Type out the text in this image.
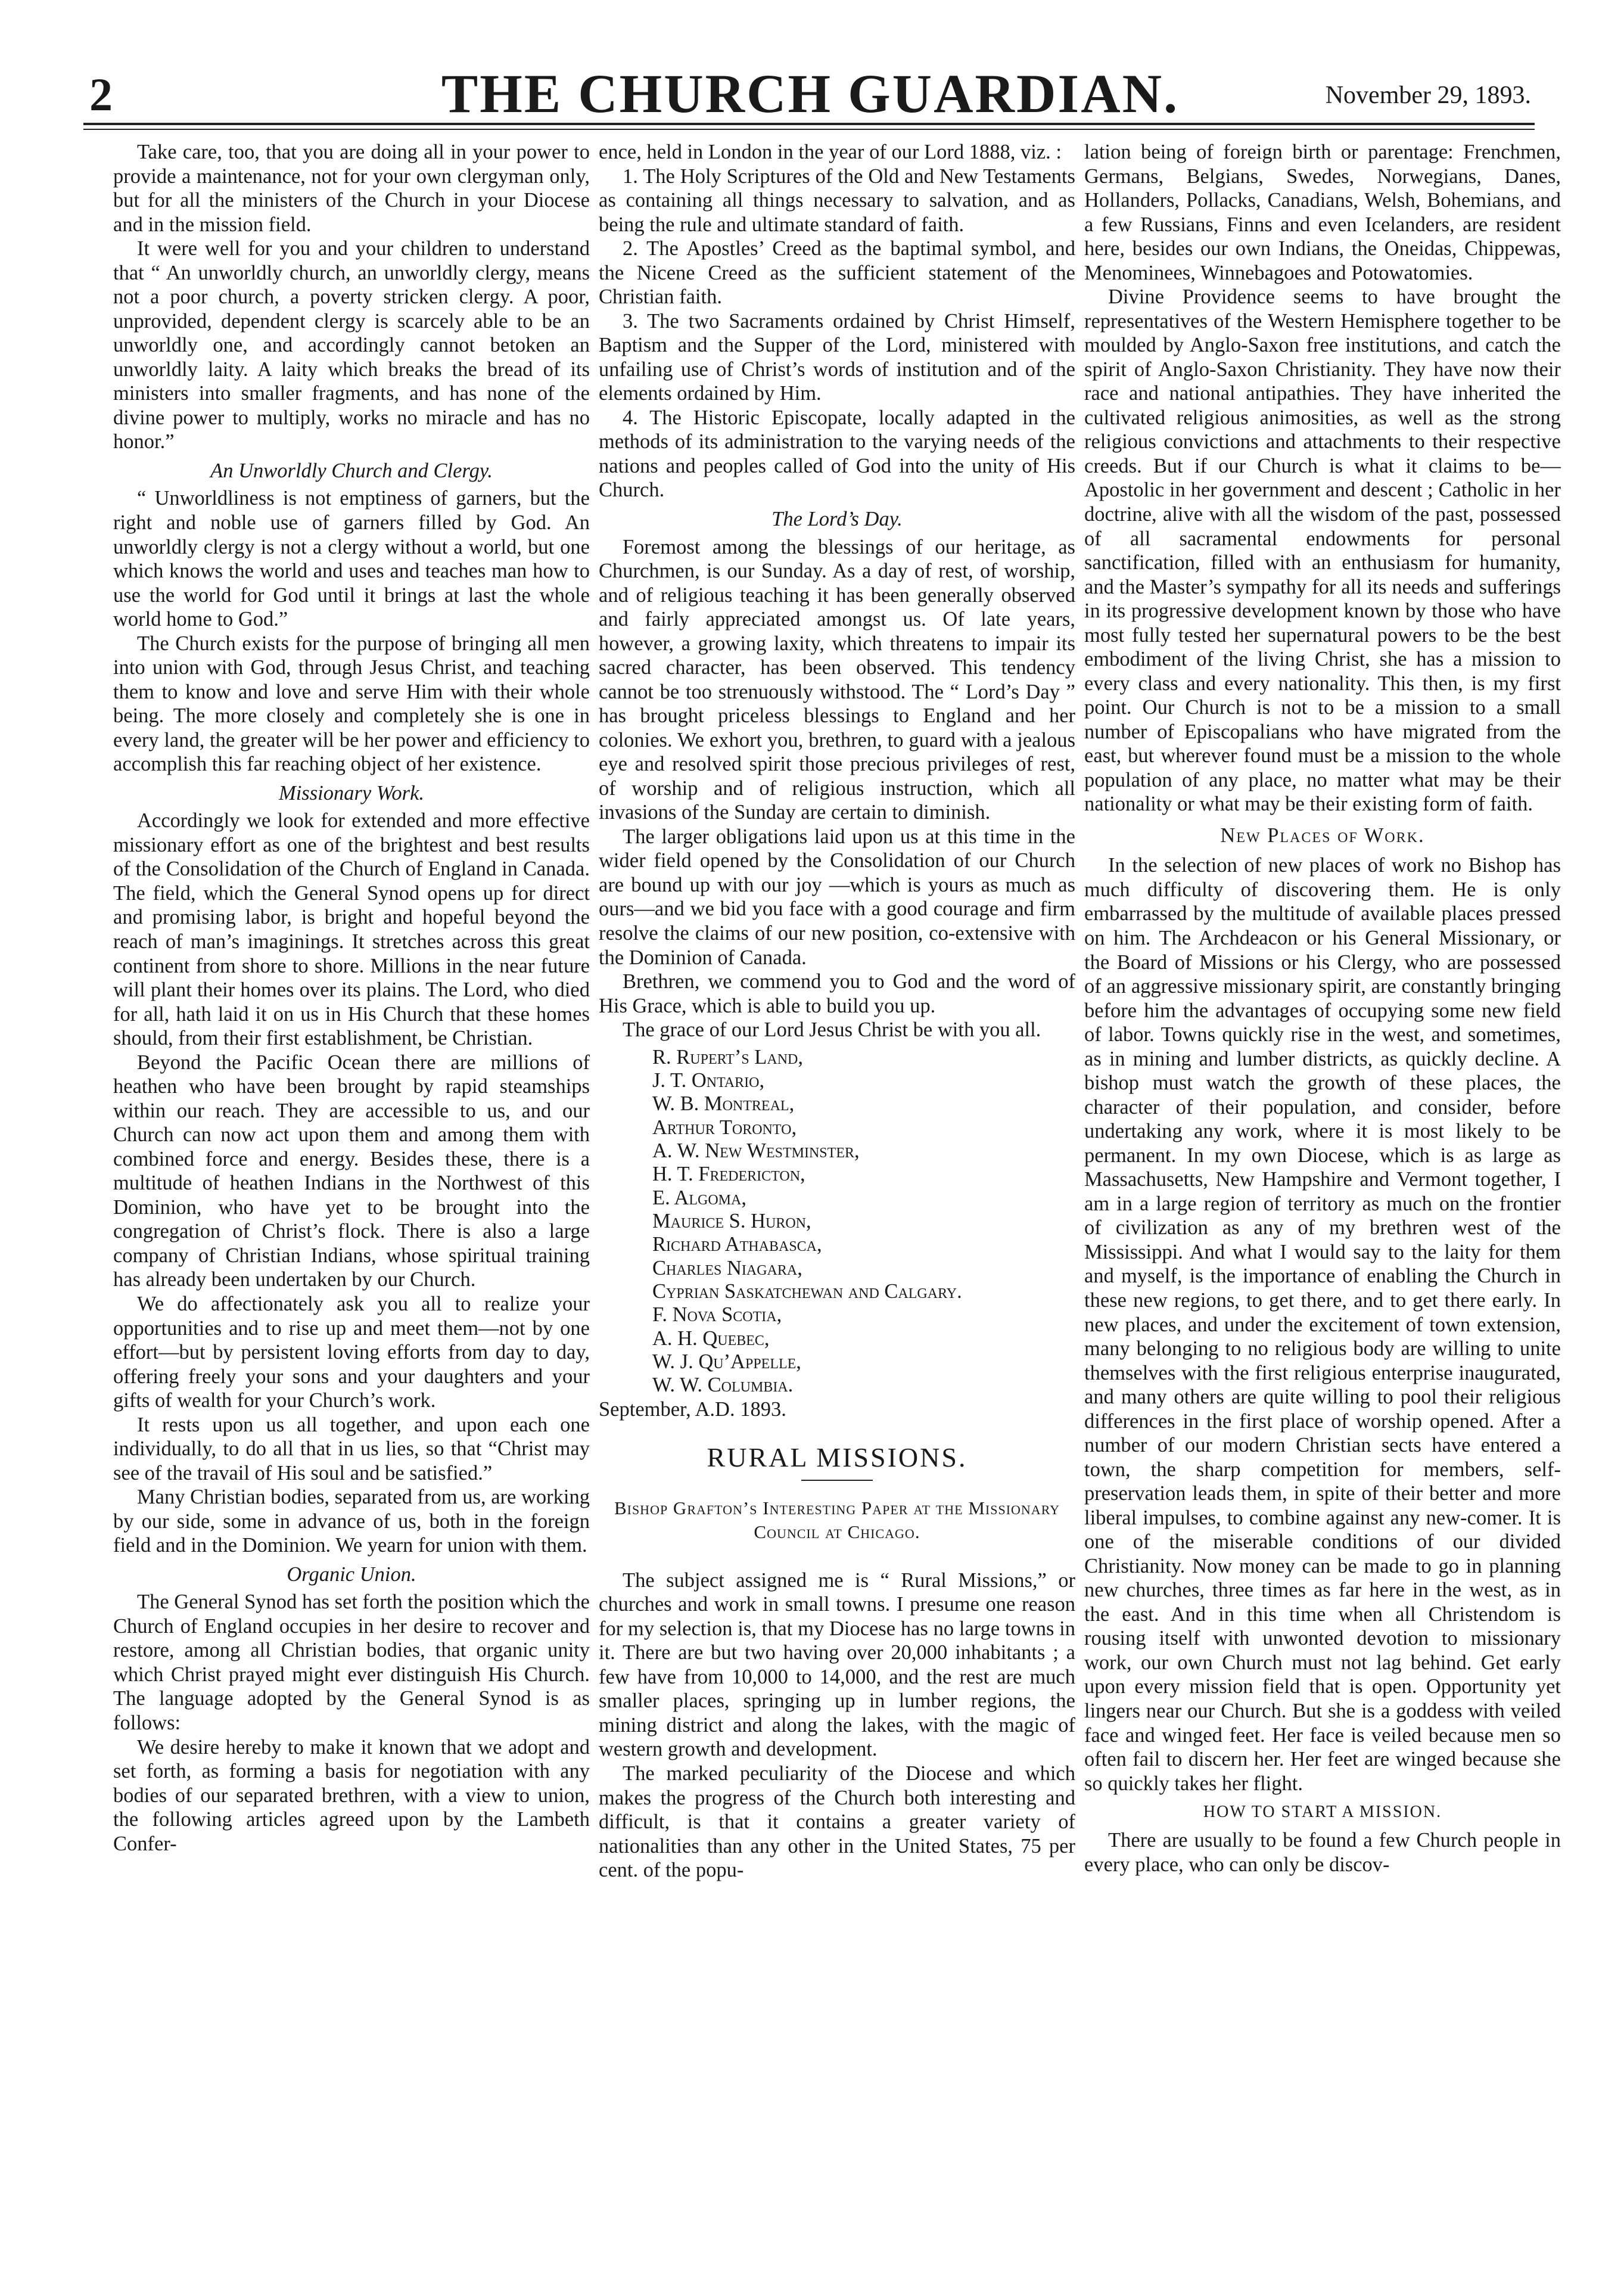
2	THE CHURCH GUARDIAN.	November 29, 1893.

Take care, too, that you are doing all in your power to provide a maintenance, not for your own clergyman only, but for all the ministers of the Church in your Diocese and in the mission field.

It were well for you and your children to understand that “ An unworldly church, an unworldly clergy, means not a poor church, a poverty stricken clergy. A poor, unprovided, dependent clergy is scarcely able to be an unworldly one, and accordingly cannot betoken an unworldly laity. A laity which breaks the bread of its ministers into smaller fragments, and has none of the divine power to multiply, works no miracle and has no honor.”

An Unworldly Church and Clergy.

“ Unworldliness is not emptiness of garners, but the right and noble use of garners filled by God. An unworldly clergy is not a clergy without a world, but one which knows the world and uses and teaches man how to use the world for God until it brings at last the whole world home to God.”

The Church exists for the purpose of bringing all men into union with God, through Jesus Christ, and teaching them to know and love and serve Him with their whole being. The more closely and completely she is one in every land, the greater will be her power and efficiency to accomplish this far reaching object of her existence.

Missionary Work.

Accordingly we look for extended and more effective missionary effort as one of the brightest and best results of the Consolidation of the Church of England in Canada. The field, which the General Synod opens up for direct and promising labor, is bright and hopeful beyond the reach of man’s imaginings. It stretches across this great continent from shore to shore. Millions in the near future will plant their homes over its plains. The Lord, who died for all, hath laid it on us in His Church that these homes should, from their first establishment, be Christian.

Beyond the Pacific Ocean there are millions of heathen who have been brought by rapid steamships within our reach. They are accessible to us, and our Church can now act upon them and among them with combined force and energy. Besides these, there is a multitude of heathen Indians in the Northwest of this Dominion, who have yet to be brought into the congregation of Christ’s flock. There is also a large company of Christian Indians, whose spiritual training has already been undertaken by our Church.

We do affectionately ask you all to realize your opportunities and to rise up and meet them—not by one effort—but by persistent loving efforts from day to day, offering freely your sons and your daughters and your gifts of wealth for your Church’s work.

It rests upon us all together, and upon each one individually, to do all that in us lies, so that “Christ may see of the travail of His soul and be satisfied.”

Many Christian bodies, separated from us, are working by our side, some in advance of us, both in the foreign field and in the Dominion. We yearn for union with them.

Organic Union.

The General Synod has set forth the position which the Church of England occupies in her desire to recover and restore, among all Christian bodies, that organic unity which Christ prayed might ever distinguish His Church. The language adopted by the General Synod is as follows:

We desire hereby to make it known that we adopt and set forth, as forming a basis for negotiation with any bodies of our separated brethren, with a view to union, the following articles agreed upon by the Lambeth Confer-

ence, held in London in the year of our Lord 1888, viz. :

1. The Holy Scriptures of the Old and New Testaments as containing all things necessary to salvation, and as being the rule and ultimate standard of faith.

2. The Apostles’ Creed as the baptimal symbol, and the Nicene Creed as the sufficient statement of the Christian faith.

3. The two Sacraments ordained by Christ Himself, Baptism and the Supper of the Lord, ministered with unfailing use of Christ’s words of institution and of the elements ordained by Him.

4. The Historic Episcopate, locally adapted in the methods of its administration to the varying needs of the nations and peoples called of God into the unity of His Church.

The Lord’s Day.

Foremost among the blessings of our heritage, as Churchmen, is our Sunday. As a day of rest, of worship, and of religious teaching it has been generally observed and fairly appreciated amongst us. Of late years, however, a growing laxity, which threatens to impair its sacred character, has been observed. This tendency cannot be too strenuously withstood. The “ Lord’s Day ” has brought priceless blessings to England and her colonies. We exhort you, brethren, to guard with a jealous eye and resolved spirit those precious privileges of rest, of worship and of religious instruction, which all invasions of the Sunday are certain to diminish.

The larger obligations laid upon us at this time in the wider field opened by the Consolidation of our Church are bound up with our joy —which is yours as much as ours—and we bid you face with a good courage and firm resolve the claims of our new position, co-extensive with the Dominion of Canada.

Brethren, we commend you to God and the word of His Grace, which is able to build you up.

The grace of our Lord Jesus Christ be with you all.

R. Rupert’s Land,
J. T. Ontario,
W. B. Montreal,
Arthur Toronto,
A. W. New Westminster,
H. T. Fredericton,
E. Algoma,
Maurice S. Huron,
Richard Athabasca,
Charles Niagara,
Cyprian Saskatchewan and Calgary.
F. Nova Scotia,
A. H. Quebec,
W. J. Qu’Appelle,
W. W. Columbia.

September, A.D. 1893.

RURAL MISSIONS.
Bishop Grafton’s Interesting Paper at the Missionary Council at Chicago.

The subject assigned me is “ Rural Missions,” or churches and work in small towns. I presume one reason for my selection is, that my Diocese has no large towns in it. There are but two having over 20,000 inhabitants ; a few have from 10,000 to 14,000, and the rest are much smaller places, springing up in lumber regions, the mining district and along the lakes, with the magic of western growth and development.

The marked peculiarity of the Diocese and which makes the progress of the Church both interesting and difficult, is that it contains a greater variety of nationalities than any other in the United States, 75 per cent. of the popu-

lation being of foreign birth or parentage: Frenchmen, Germans, Belgians, Swedes, Norwegians, Danes, Hollanders, Pollacks, Canadians, Welsh, Bohemians, and a few Russians, Finns and even Icelanders, are resident here, besides our own Indians, the Oneidas, Chippewas, Menominees, Winnebagoes and Potowatomies.

Divine Providence seems to have brought the representatives of the Western Hemisphere together to be moulded by Anglo-Saxon free institutions, and catch the spirit of Anglo-Saxon Christianity. They have now their race and national antipathies. They have inherited the cultivated religious animosities, as well as the strong religious convictions and attachments to their respective creeds. But if our Church is what it claims to be—Apostolic in her government and descent ; Catholic in her doctrine, alive with all the wisdom of the past, possessed of all sacramental endowments for personal sanctification, filled with an enthusiasm for humanity, and the Master’s sympathy for all its needs and sufferings in its progressive development known by those who have most fully tested her supernatural powers to be the best embodiment of the living Christ, she has a mission to every class and every nationality. This then, is my first point. Our Church is not to be a mission to a small number of Episcopalians who have migrated from the east, but wherever found must be a mission to the whole population of any place, no matter what may be their nationality or what may be their existing form of faith.

New Places of Work.

In the selection of new places of work no Bishop has much difficulty of discovering them. He is only embarrassed by the multitude of available places pressed on him. The Archdeacon or his General Missionary, or the Board of Missions or his Clergy, who are possessed of an aggressive missionary spirit, are constantly bringing before him the advantages of occupying some new field of labor. Towns quickly rise in the west, and sometimes, as in mining and lumber districts, as quickly decline. A bishop must watch the growth of these places, the character of their population, and consider, before undertaking any work, where it is most likely to be permanent. In my own Diocese, which is as large as Massachusetts, New Hampshire and Vermont together, I am in a large region of territory as much on the frontier of civilization as any of my brethren west of the Mississippi. And what I would say to the laity for them and myself, is the importance of enabling the Church in these new regions, to get there, and to get there early. In new places, and under the excitement of town extension, many belonging to no religious body are willing to unite themselves with the first religious enterprise inaugurated, and many others are quite willing to pool their religious differences in the first place of worship opened. After a number of our modern Christian sects have entered a town, the sharp competition for members, self-preservation leads them, in spite of their better and more liberal impulses, to combine against any new-comer. It is one of the miserable conditions of our divided Christianity. Now money can be made to go in planning new churches, three times as far here in the west, as in the east. And in this time when all Christendom is rousing itself with unwonted devotion to missionary work, our own Church must not lag behind. Get early upon every mission field that is open. Opportunity yet lingers near our Church. But she is a goddess with veiled face and winged feet. Her face is veiled because men so often fail to discern her. Her feet are winged because she so quickly takes her flight.

HOW TO START A MISSION.

There are usually to be found a few Church people in every place, who can only be discov-
